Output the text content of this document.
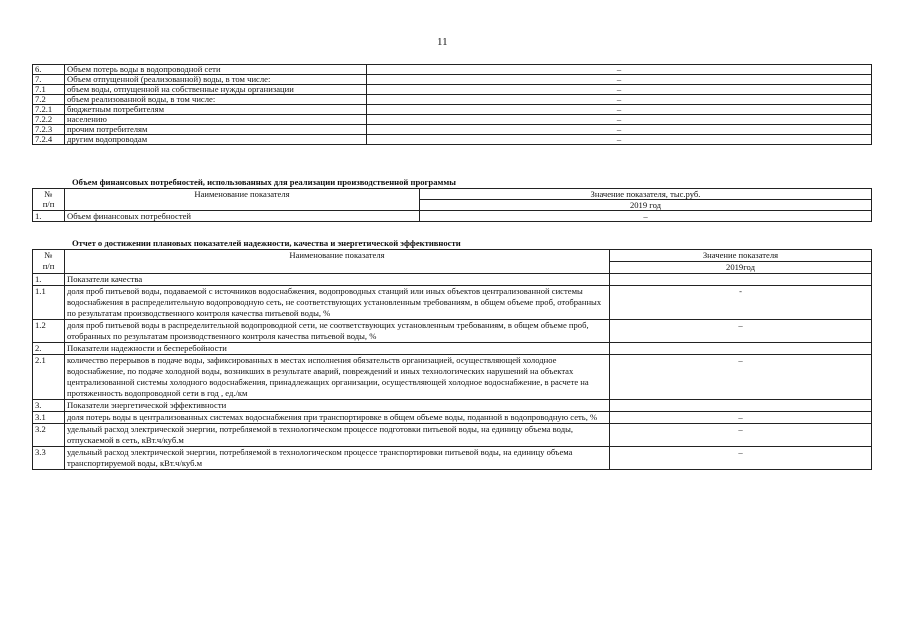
11
6.	Объем потерь воды в водопроводной сети	–
7.	Объем отпущенной (реализованной) воды, в том числе:	–
7.1	объем воды, отпущенной на собственные нужды организации	–
7.2	объем реализованной воды, в том числе:	–
7.2.1	бюджетным потребителям	–
7.2.2	населению	–
7.2.3	прочим потребителям	–
7.2.4	другим водопроводам	–
Объем финансовых потребностей, использованных для реализации производственной программы
№
п/п	Наименование показателя	Значение показателя, тыс.руб.
		2019 год
1.	Объем финансовых потребностей	–
Отчет о достижении плановых показателей надежности, качества и энергетической эффективности
№
п/п	Наименование показателя	Значение показателя
		2019год
1.	Показатели качества	
1.1	доля проб питьевой воды, подаваемой с источников водоснабжения, водопроводных станций или иных объектов централизованной системы водоснабжения в распределительную водопроводную сеть, не соответствующих установленным требованиям, в общем объеме проб, отобранных по результатам производственного контроля качества питьевой воды, %	-
1.2	доля проб питьевой воды в распределительной водопроводной сети, не соответствующих установленным требованиям, в общем объеме проб, отобранных по результатам производственного контроля качества питьевой воды, %	–
2.	Показатели надежности и бесперебойности	
2.1	количество перерывов в подаче воды, зафиксированных в местах исполнения обязательств организацией, осуществляющей холодное водоснабжение, по подаче холодной воды, возникших в результате аварий, повреждений и иных технологических нарушений на объектах централизованной системы холодного водоснабжения, принадлежащих организации, осуществляющей холодное водоснабжение, в расчете на протяженность водопроводной сети в год , ед./км	–
3.	Показатели энергетической эффективности	
3.1	доля потерь воды в централизованных системах водоснабжения при транспортировке в общем объеме воды, поданной в водопроводную сеть, %	–
3.2	удельный расход электрической энергии, потребляемой в технологическом процессе подготовки питьевой воды, на единицу объема воды, отпускаемой в сеть, кВт.ч/куб.м	–
3.3	удельный расход электрической энергии, потребляемой в технологическом процессе транспортировки питьевой воды, на единицу объема транспортируемой воды, кВт.ч/куб.м	–
